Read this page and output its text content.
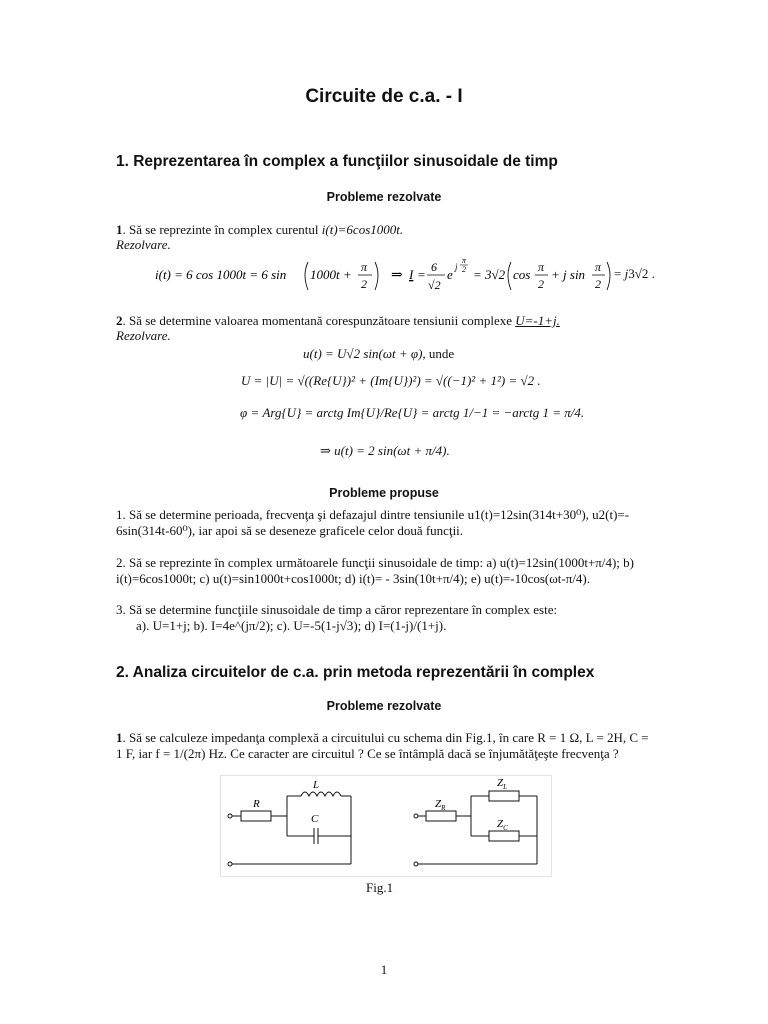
Circuite de c.a. - I
1. Reprezentarea în complex a funcţiilor sinusoidale de timp
Probleme rezolvate
1. Să se reprezinte în complex curentul i(t)=6cos1000t.
Rezolvare.
i(t) = 6 cos 1000t = 6 sin 1000t + π
2
⇒ I = 6
√2
e j
π
2 = 3√2 cos π
2
+ j sin π
2
= j3√2 .
2. Să se determine valoarea momentană corespunzătoare tensiunii complexe U=-1+j.
Rezolvare.
u(t) = U√2 sin(ωt + φ), unde
U = |U| = √((Re{U})² + (Im{U})²) = √((−1)² + 1²) = √2 .
φ = Arg{U} = arctg Im{U}/Re{U} = arctg 1/−1 = −arctg 1 = π/4.
⇒ u(t) = 2 sin(ωt + π/4).
Probleme propuse
1. Să se determine perioada, frecvenţa şi defazajul dintre tensiunile u1(t)=12sin(314t+30⁰), u2(t)=-
6sin(314t-60⁰), iar apoi să se deseneze graficele celor două funcţii.
2. Să se reprezinte în complex următoarele funcţii sinusoidale de timp: a) u(t)=12sin(1000t+π/4); b)
i(t)=6cos1000t; c) u(t)=sin1000t+cos1000t; d) i(t)= - 3sin(10t+π/4); e) u(t)=-10cos(ωt-π/4).
3. Să se determine funcţiile sinusoidale de timp a căror reprezentare în complex este:
a). U=1+j; b). I=4e^(jπ/2); c). U=-5(1-j√3); d) I=(1-j)/(1+j).
2. Analiza circuitelor de c.a. prin metoda reprezentării în complex
Probleme rezolvate
1. Să se calculeze impedanţa complexă a circuitului cu schema din Fig.1, în care R = 1 Ω, L = 2H, C =
1 F, iar f = 1/(2π) Hz. Ce caracter are circuitul ? Ce se întâmplă dacă se înjumătăţeşte frecvenţa ?
R
L
C
$Z_R$
$Z_L$
$Z_C$
Fig.1
1
